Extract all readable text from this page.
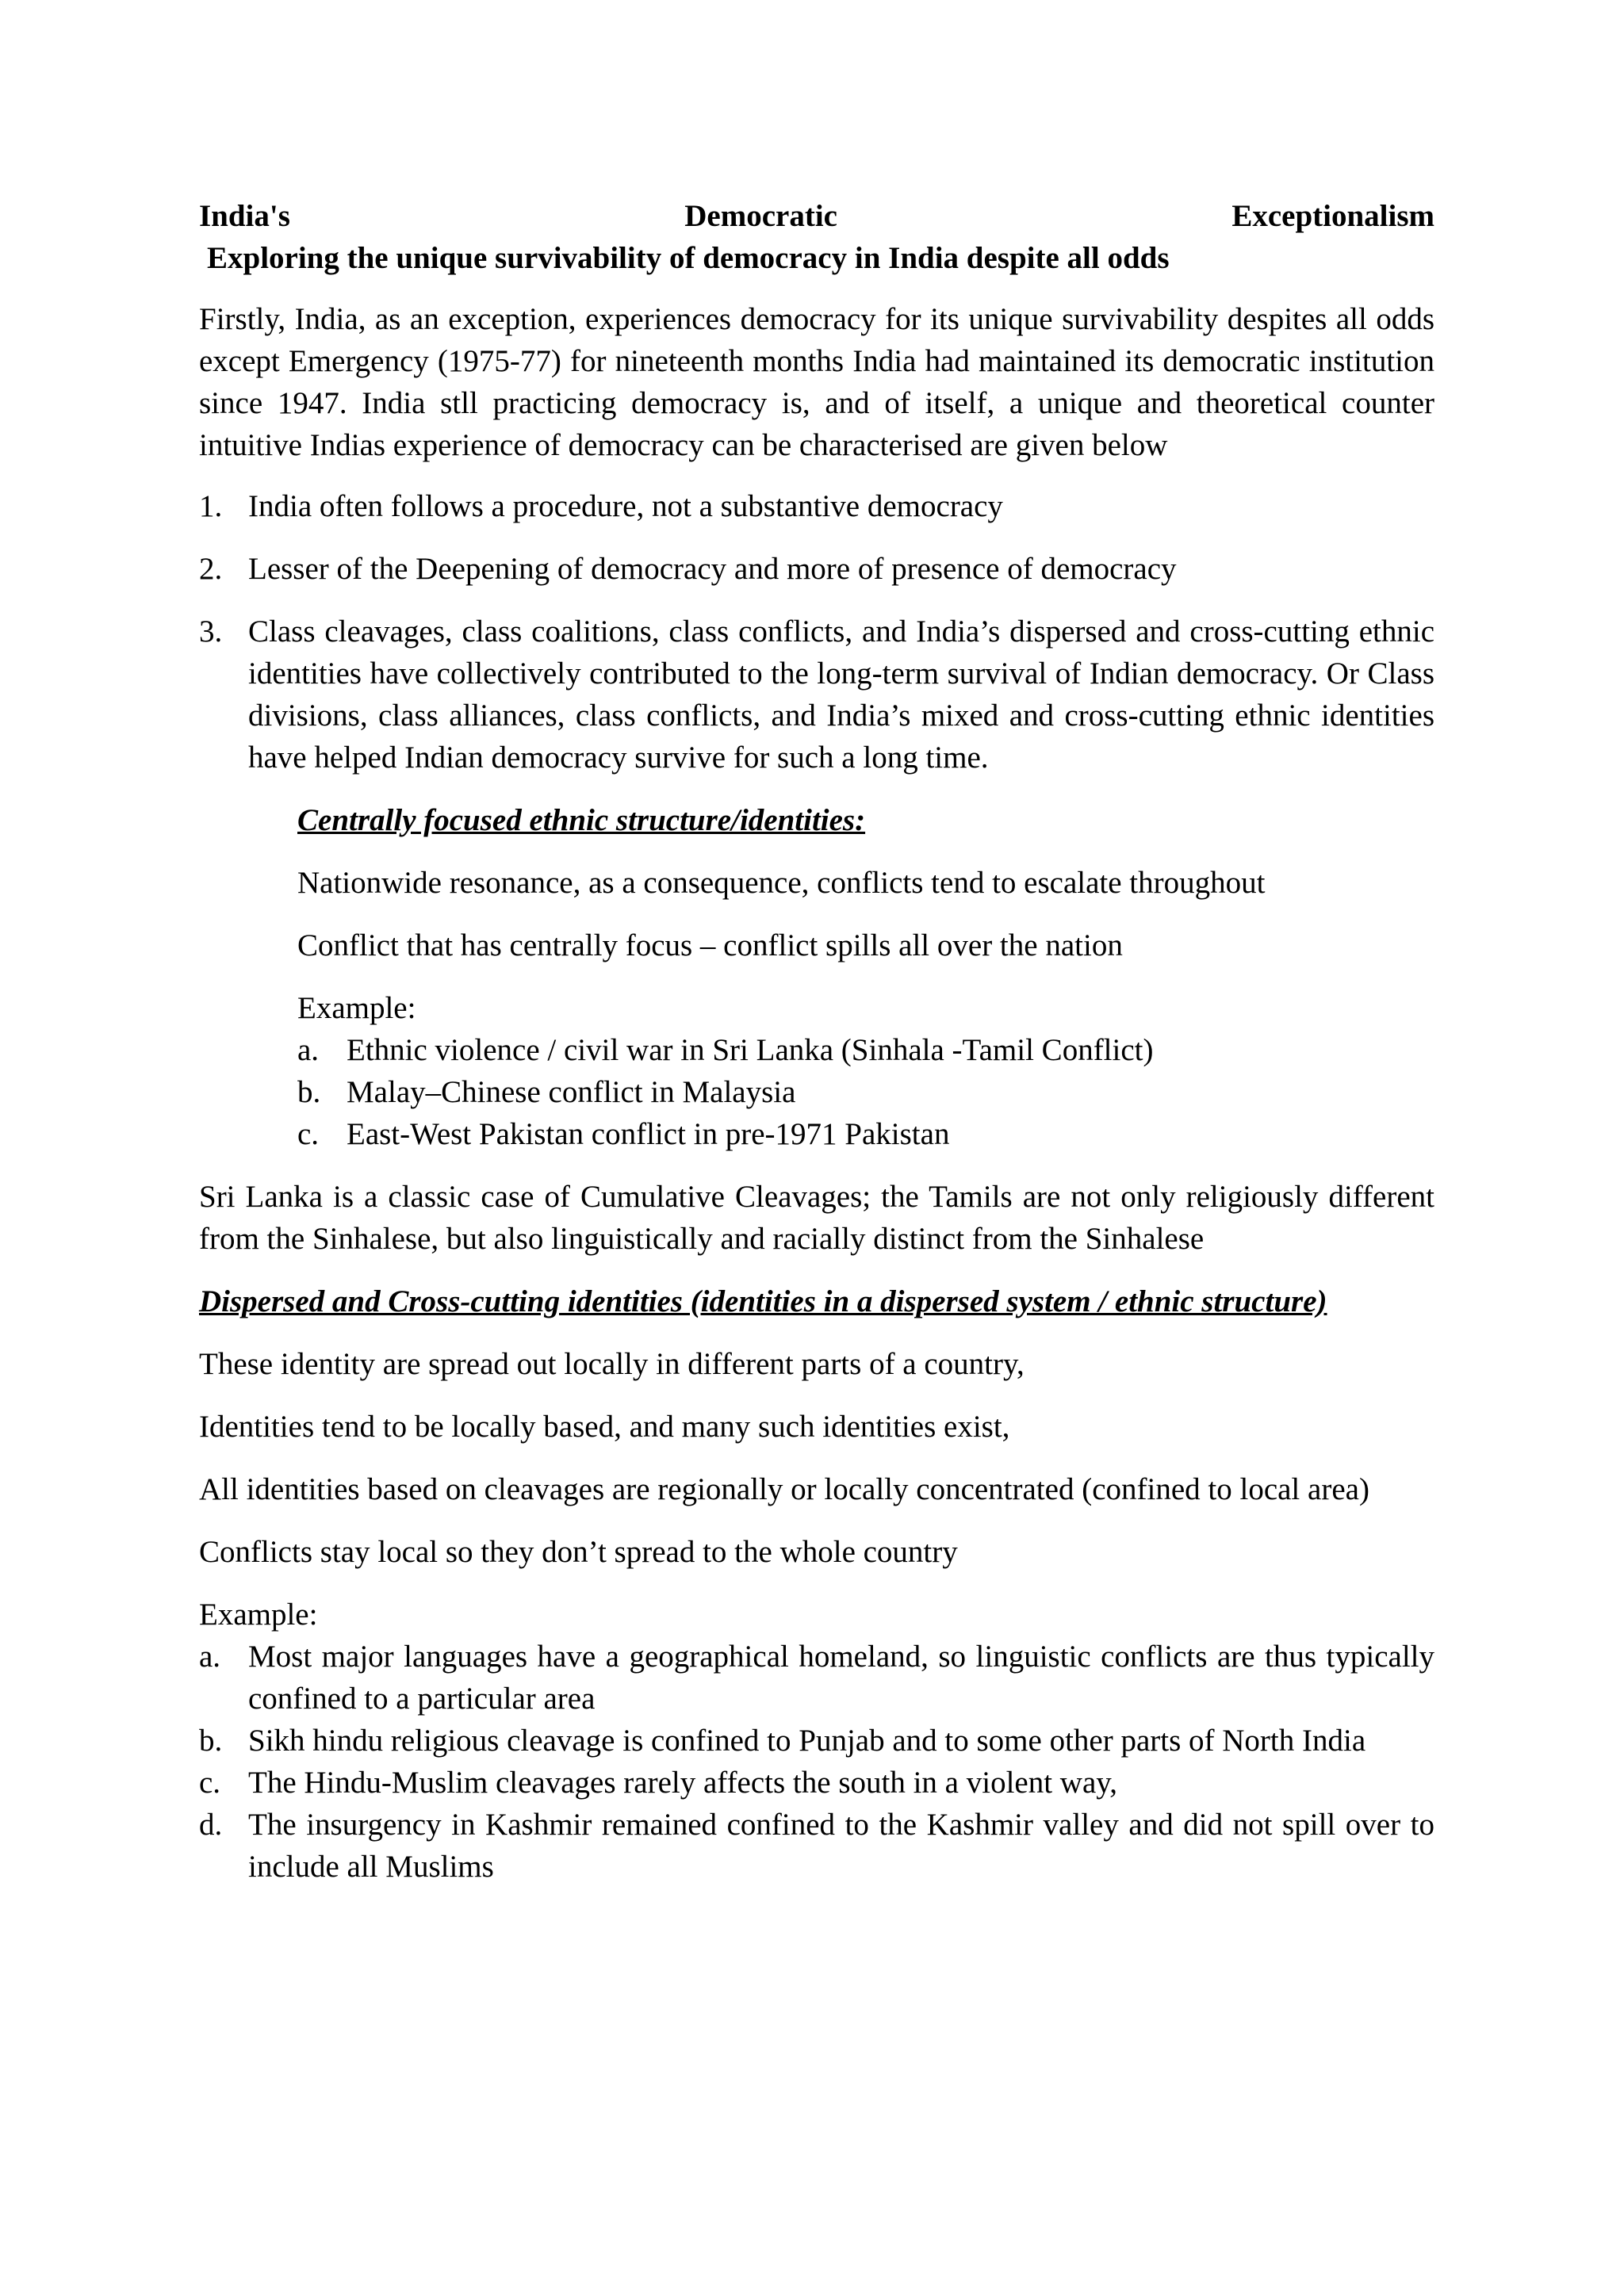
India's	Democratic	Exceptionalism

Exploring the unique survivability of democracy in India despite all odds

Firstly, India, as an exception, experiences democracy for its unique survivability despites all odds except Emergency (1975-77) for nineteenth months India had maintained its democratic institution since 1947. India stll practicing democracy is, and of itself, a unique and theoretical counter intuitive Indias experience of democracy can be characterised are given below

1. India often follows a procedure, not a substantive democracy
2. Lesser of the Deepening of democracy and more of presence of democracy
3. Class cleavages, class coalitions, class conflicts, and India’s dispersed and cross-cutting ethnic identities have collectively contributed to the long-term survival of Indian democracy. Or Class divisions, class alliances, class conflicts, and India’s mixed and cross-cutting ethnic identities have helped Indian democracy survive for such a long time.

Centrally focused ethnic structure/identities:

Nationwide resonance, as a consequence, conflicts tend to escalate throughout

Conflict that has centrally focus – conflict spills all over the nation

Example:

a. Ethnic violence / civil war in Sri Lanka (Sinhala -Tamil Conflict)
b. Malay–Chinese conflict in Malaysia
c. East-West Pakistan conflict in pre-1971 Pakistan

Sri Lanka is a classic case of Cumulative Cleavages; the Tamils are not only religiously different from the Sinhalese, but also linguistically and racially distinct from the Sinhalese

Dispersed and Cross-cutting identities (identities in a dispersed system / ethnic structure)

These identity are spread out locally in different parts of a country,

Identities tend to be locally based, and many such identities exist,

All identities based on cleavages are regionally or locally concentrated (confined to local area)

Conflicts stay local so they don’t spread to the whole country

Example:

a. Most major languages have a geographical homeland, so linguistic conflicts are thus typically confined to a particular area
b. Sikh hindu religious cleavage is confined to Punjab and to some other parts of North India
c. The Hindu-Muslim cleavages rarely affects the south in a violent way,
d. The insurgency in Kashmir remained confined to the Kashmir valley and did not spill over to include all Muslims
